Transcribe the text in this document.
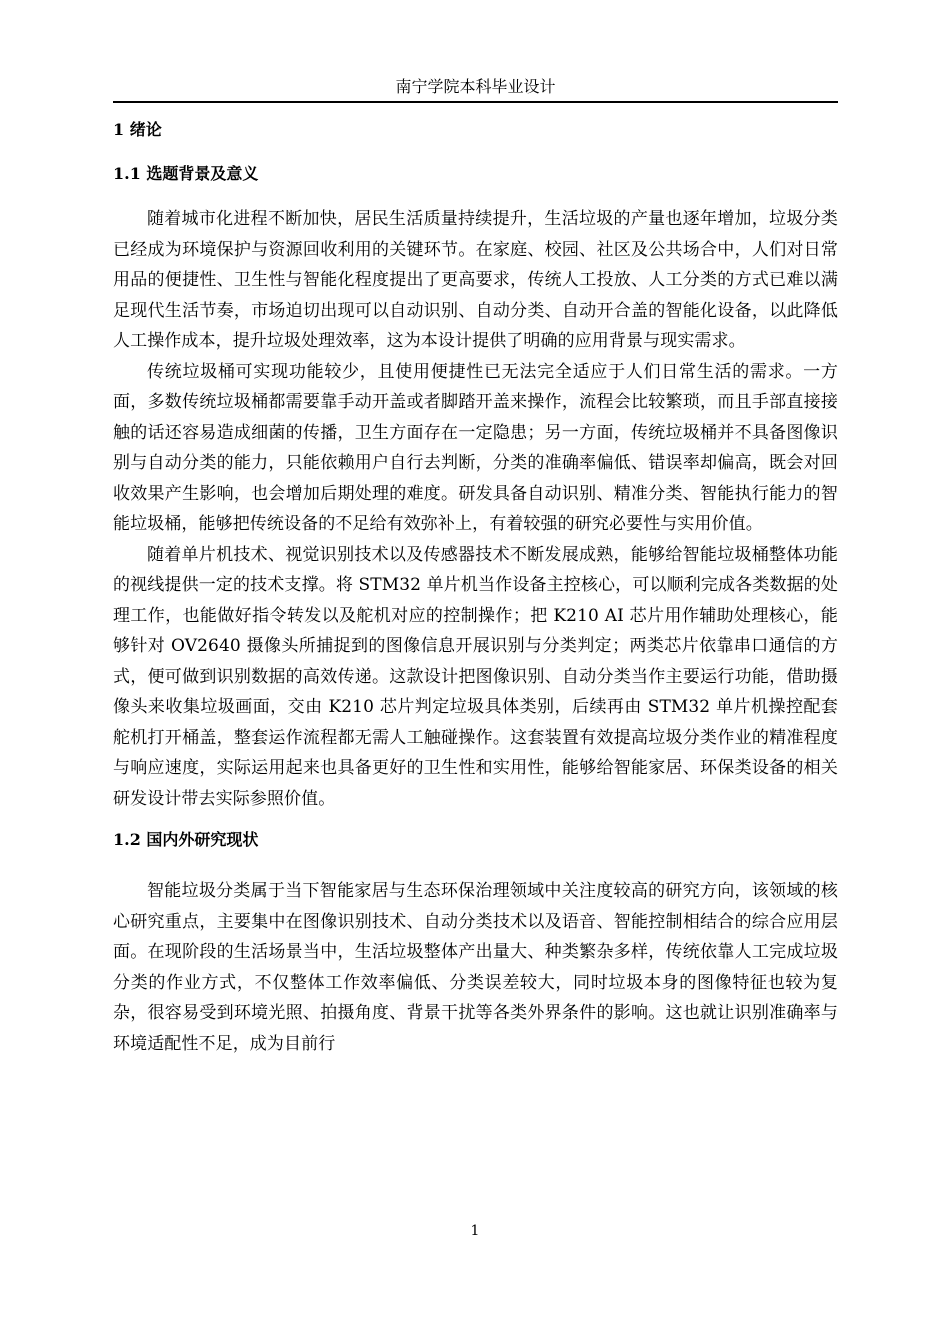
南宁学院本科毕业设计
1 绪论
1.1 选题背景及意义

随着城市化进程不断加快，居民生活质量持续提升，生活垃圾的产量也逐年增加，垃圾分类已经成为环境保护与资源回收利用的关键环节。在家庭、校园、社区及公共场合中，人们对日常用品的便捷性、卫生性与智能化程度提出了更高要求，传统人工投放、人工分类的方式已难以满足现代生活节奏，市场迫切出现可以自动识别、自动分类、自动开合盖的智能化设备，以此降低人工操作成本，提升垃圾处理效率，这为本设计提供了明确的应用背景与现实需求。

传统垃圾桶可实现功能较少，且使用便捷性已无法完全适应于人们日常生活的需求。一方面，多数传统垃圾桶都需要靠手动开盖或者脚踏开盖来操作，流程会比较繁琐，而且手部直接接触的话还容易造成细菌的传播，卫生方面存在一定隐患；另一方面，传统垃圾桶并不具备图像识别与自动分类的能力，只能依赖用户自行去判断，分类的准确率偏低、错误率却偏高，既会对回收效果产生影响，也会增加后期处理的难度。研发具备自动识别、精准分类、智能执行能力的智能垃圾桶，能够把传统设备的不足给有效弥补上，有着较强的研究必要性与实用价值。

随着单片机技术、视觉识别技术以及传感器技术不断发展成熟，能够给智能垃圾桶整体功能的视线提供一定的技术支撑。将 STM32 单片机当作设备主控核心，可以顺利完成各类数据的处理工作，也能做好指令转发以及舵机对应的控制操作；把 K210 AI 芯片用作辅助处理核心，能够针对 OV2640 摄像头所捕捉到的图像信息开展识别与分类判定；两类芯片依靠串口通信的方式，便可做到识别数据的高效传递。这款设计把图像识别、自动分类当作主要运行功能，借助摄像头来收集垃圾画面，交由 K210 芯片判定垃圾具体类别，后续再由 STM32 单片机操控配套舵机打开桶盖，整套运作流程都无需人工触碰操作。这套装置有效提高垃圾分类作业的精准程度与响应速度，实际运用起来也具备更好的卫生性和实用性，能够给智能家居、环保类设备的相关研发设计带去实际参照价值。

1.2 国内外研究现状

智能垃圾分类属于当下智能家居与生态环保治理领域中关注度较高的研究方向，该领域的核心研究重点，主要集中在图像识别技术、自动分类技术以及语音、智能控制相结合的综合应用层面。在现阶段的生活场景当中，生活垃圾整体产出量大、种类繁杂多样，传统依靠人工完成垃圾分类的作业方式，不仅整体工作效率偏低、分类误差较大，同时垃圾本身的图像特征也较为复杂，很容易受到环境光照、拍摄角度、背景干扰等各类外界条件的影响。这也就让识别准确率与环境适配性不足，成为目前行

1
